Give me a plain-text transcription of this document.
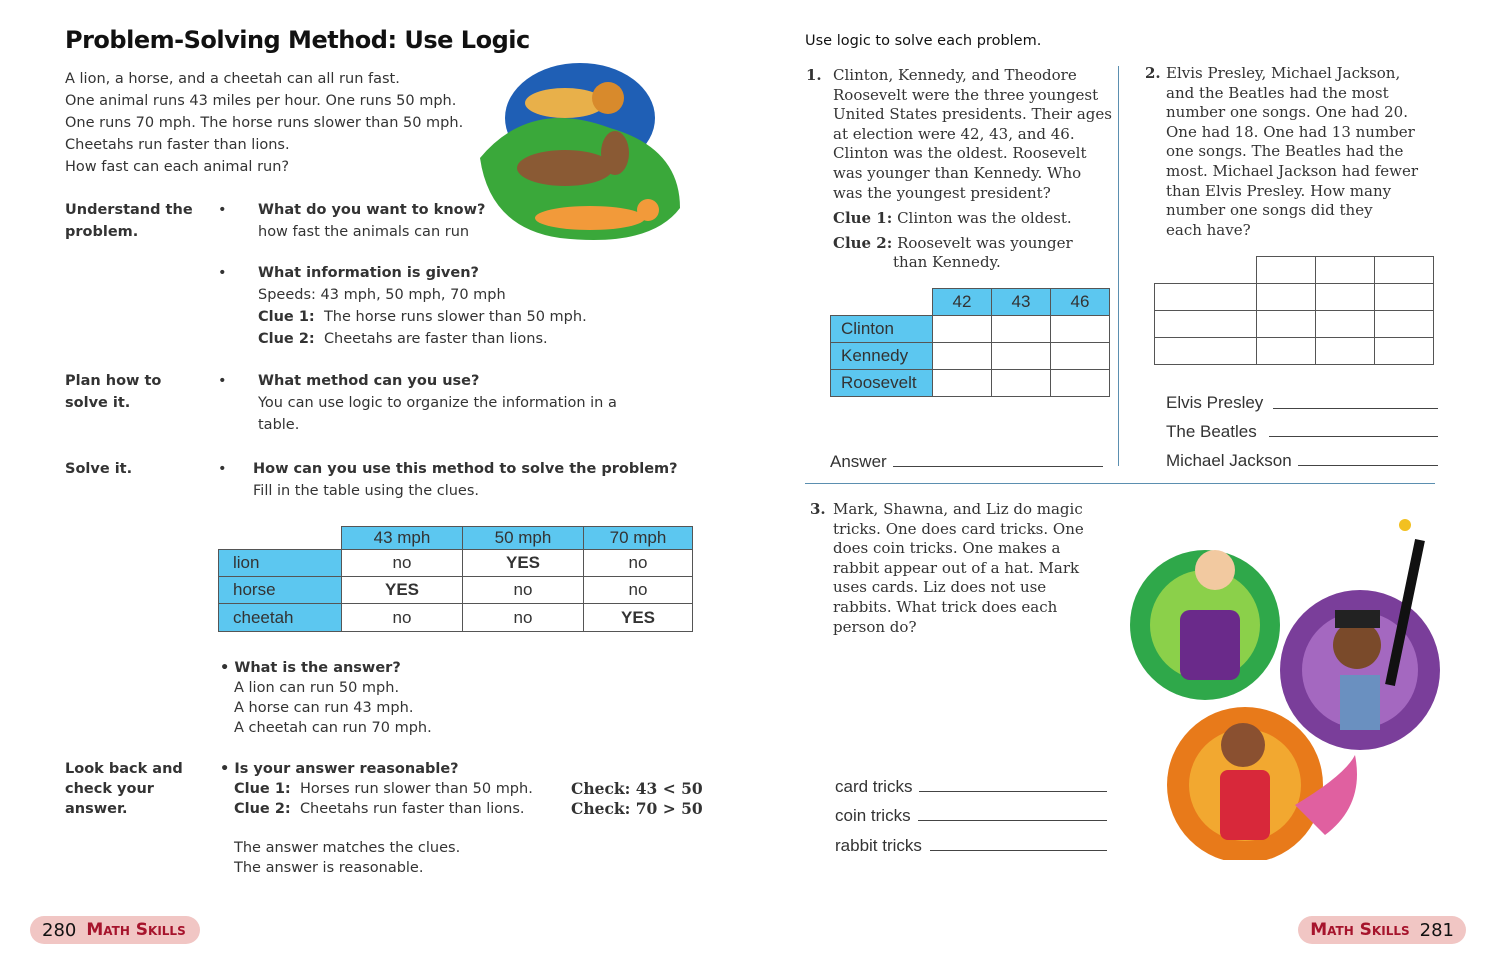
Problem-Solving Method: Use Logic
A lion, a horse, and a cheetah can all run fast.
One animal runs 43 miles per hour. One runs 50 mph.
One runs 70 mph. The horse runs slower than 50 mph.
Cheetahs run faster than lions.
How fast can each animal run?
Understand the
problem.
• What do you want to know?
how fast the animals can run
• What information is given?
Speeds: 43 mph, 50 mph, 70 mph
Clue 1: The horse runs slower than 50 mph.
Clue 2: Cheetahs are faster than lions.
Plan how to
solve it.
• What method can you use?
You can use logic to organize the information in a
table.
Solve it.	• How can you use this method to solve the problem?
Fill in the table using the clues.
	43 mph	50 mph	70 mph
lion	no	YES	no
horse	YES	no	no
cheetah	no	no	YES
• What is the answer?
A lion can run 50 mph.
A horse can run 43 mph.
A cheetah can run 70 mph.
Look back and
check your
answer.
• Is your answer reasonable?
Clue 1: Horses run slower than 50 mph.
Clue 2: Cheetahs run faster than lions.
The answer matches the clues.
The answer is reasonable.
Check: 43 < 50
Check: 70 > 50
280 Math Skills
Use logic to solve each problem.
1. Clinton, Kennedy, and Theodore
Roosevelt were the three youngest
United States presidents. Their ages
at election were 42, 43, and 46.
Clinton was the oldest. Roosevelt
was younger than Kennedy. Who
was the youngest president?
Clue 1: Clinton was the oldest.
Clue 2: Roosevelt was younger
than Kennedy.
	42	43	46
Clinton			
Kennedy			
Roosevelt			
Answer
2. Elvis Presley, Michael Jackson,
and the Beatles had the most
number one songs. One had 20.
One had 18. One had 13 number
one songs. The Beatles had the
most. Michael Jackson had fewer
than Elvis Presley. How many
number one songs did they
each have?

Elvis Presley
The Beatles
Michael Jackson
3. Mark, Shawna, and Liz do magic
tricks. One does card tricks. One
does coin tricks. One makes a
rabbit appear out of a hat. Mark
uses cards. Liz does not use
rabbits. What trick does each
person do?
card tricks
coin tricks
rabbit tricks
Math Skills 281
